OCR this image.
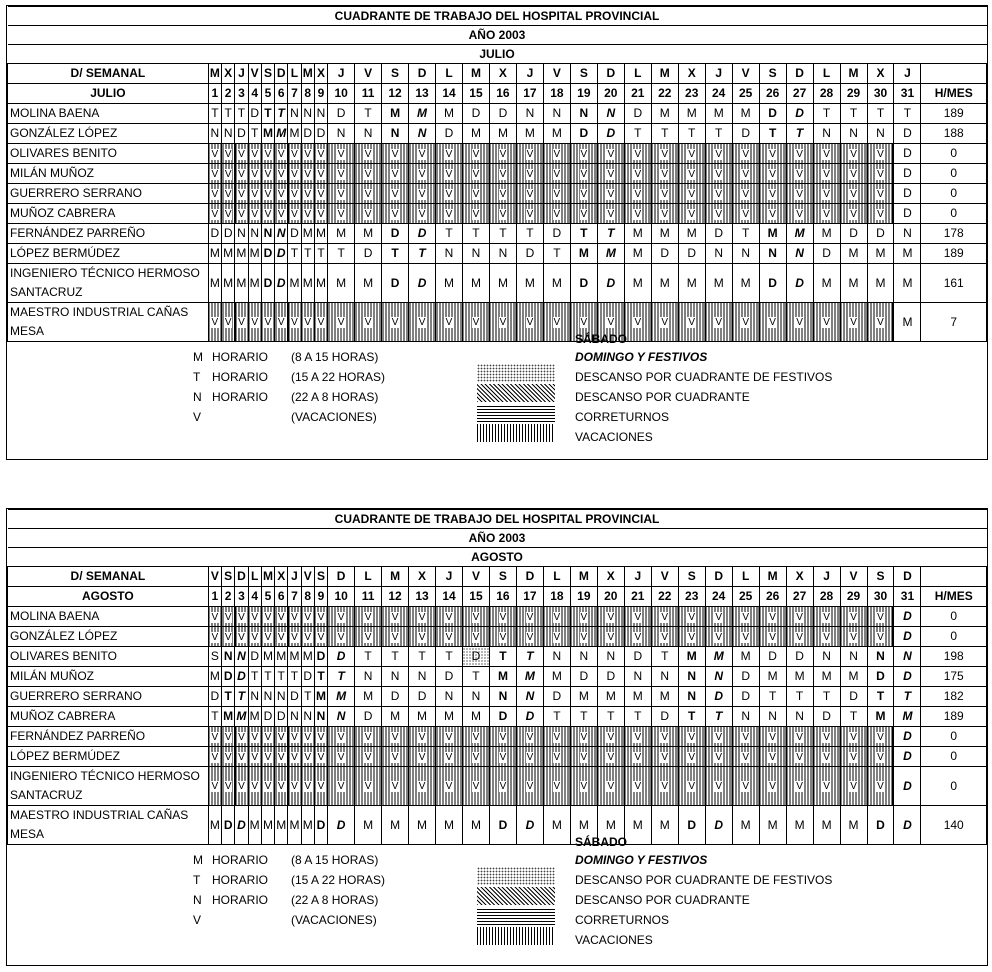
CUADRANTE DE TRABAJO DEL HOSPITAL PROVINCIAL																																
AÑO 2003																																
JULIO																																
D/ SEMANAL	M	X	J	V	S	D	L	M	X	J	V	S	D	L	M	X	J	V	S	D	L	M	X	J	V	S	D	L	M	X	J	
JULIO	1	2	3	4	5	6	7	8	9	10	11	12	13	14	15	16	17	18	19	20	21	22	23	24	25	26	27	28	29	30	31	H/MES
MOLINA BAENA	T	T	T	D	T	T	N	N	N	D	T	M	M	M	D	D	N	N	N	N	D	M	M	M	M	D	D	T	T	T	T	189
GONZÁLEZ LÓPEZ	N	N	D	T	M	M	M	D	D	N	N	N	N	D	M	M	M	M	D	D	T	T	T	T	D	T	T	N	N	N	D	188
OLIVARES BENITO	V	V	V	V	V	V	V	V	V	V	V	V	V	V	V	V	V	V	V	V	V	V	V	V	V	V	V	V	V	V	D	0
MILÁN MUÑOZ	V	V	V	V	V	V	V	V	V	V	V	V	V	V	V	V	V	V	V	V	V	V	V	V	V	V	V	V	V	V	D	0
GUERRERO SERRANO	V	V	V	V	V	V	V	V	V	V	V	V	V	V	V	V	V	V	V	V	V	V	V	V	V	V	V	V	V	V	D	0
MUÑOZ CABRERA	V	V	V	V	V	V	V	V	V	V	V	V	V	V	V	V	V	V	V	V	V	V	V	V	V	V	V	V	V	V	D	0
FERNÁNDEZ PARREÑO	D	D	N	N	N	N	D	M	M	M	M	D	D	T	T	T	T	D	T	T	M	M	M	D	T	M	M	M	D	D	N	178
LÓPEZ BERMÚDEZ	M	M	M	M	D	D	T	T	T	T	D	T	T	N	N	N	D	T	M	M	M	D	D	N	N	N	N	D	M	M	M	189
INGENIERO TÉCNICO HERMOSO SANTACRUZ	M	M	M	M	D	D	M	M	M	M	M	D	D	M	M	M	M	M	D	D	M	M	M	M	M	D	D	M	M	M	M	161
MAESTRO INDUSTRIAL CAÑAS MESA	V	V	V	V	V	V	V	V	V	V	V	V	V	V	V	V	V	V	V	V	V	V	V	V	V	V	V	V	V	V	M	7
M HORARIO (8 A 15 HORAS)
T HORARIO (15 A 22 HORAS)
N HORARIO (22 A 8 HORAS)
V	(VACACIONES)
SÁBADO
DOMINGO Y FESTIVOS
DESCANSO POR CUADRANTE DE FESTIVOS
DESCANSO POR CUADRANTE
CORRETURNOS
VACACIONES
CUADRANTE DE TRABAJO DEL HOSPITAL PROVINCIAL																																
AÑO 2003																																
AGOSTO																																
D/ SEMANAL	V	S	D	L	M	X	J	V	S	D	L	M	X	J	V	S	D	L	M	X	J	V	S	D	L	M	X	J	V	S	D	
AGOSTO	1	2	3	4	5	6	7	8	9	10	11	12	13	14	15	16	17	18	19	20	21	22	23	24	25	26	27	28	29	30	31	H/MES
MOLINA BAENA	V	V	V	V	V	V	V	V	V	V	V	V	V	V	V	V	V	V	V	V	V	V	V	V	V	V	V	V	V	V	D	0
GONZÁLEZ LÓPEZ	V	V	V	V	V	V	V	V	V	V	V	V	V	V	V	V	V	V	V	V	V	V	V	V	V	V	V	V	V	V	D	0
OLIVARES BENITO	S	N	N	D	M	M	M	M	D	D	T	T	T	T	D	T	T	N	N	N	D	T	M	M	M	D	D	N	N	N	N	198
MILÁN MUÑOZ	M	D	D	T	T	T	T	D	T	T	N	N	N	D	T	M	M	M	D	D	N	N	N	N	D	M	M	M	M	D	D	175
GUERRERO SERRANO	D	T	T	N	N	N	D	T	M	M	M	D	D	N	N	N	N	D	M	M	M	M	N	D	D	T	T	T	D	T	T	182
MUÑOZ CABRERA	T	M	M	M	D	D	N	N	N	N	D	M	M	M	M	D	D	T	T	T	T	D	T	T	N	N	N	D	T	M	M	189
FERNÁNDEZ PARREÑO	V	V	V	V	V	V	V	V	V	V	V	V	V	V	V	V	V	V	V	V	V	V	V	V	V	V	V	V	V	V	D	0
LÓPEZ BERMÚDEZ	V	V	V	V	V	V	V	V	V	V	V	V	V	V	V	V	V	V	V	V	V	V	V	V	V	V	V	V	V	V	D	0
INGENIERO TÉCNICO HERMOSO SANTACRUZ	V	V	V	V	V	V	V	V	V	V	V	V	V	V	V	V	V	V	V	V	V	V	V	V	V	V	V	V	V	V	D	0
MAESTRO INDUSTRIAL CAÑAS MESA	M	D	D	M	M	M	M	M	D	D	M	M	M	M	M	D	D	M	M	M	M	M	D	D	M	M	M	M	M	D	D	140
M HORARIO (8 A 15 HORAS)
T HORARIO (15 A 22 HORAS)
N HORARIO (22 A 8 HORAS)
V	(VACACIONES)
SÁBADO
DOMINGO Y FESTIVOS
DESCANSO POR CUADRANTE DE FESTIVOS
DESCANSO POR CUADRANTE
CORRETURNOS
VACACIONES
